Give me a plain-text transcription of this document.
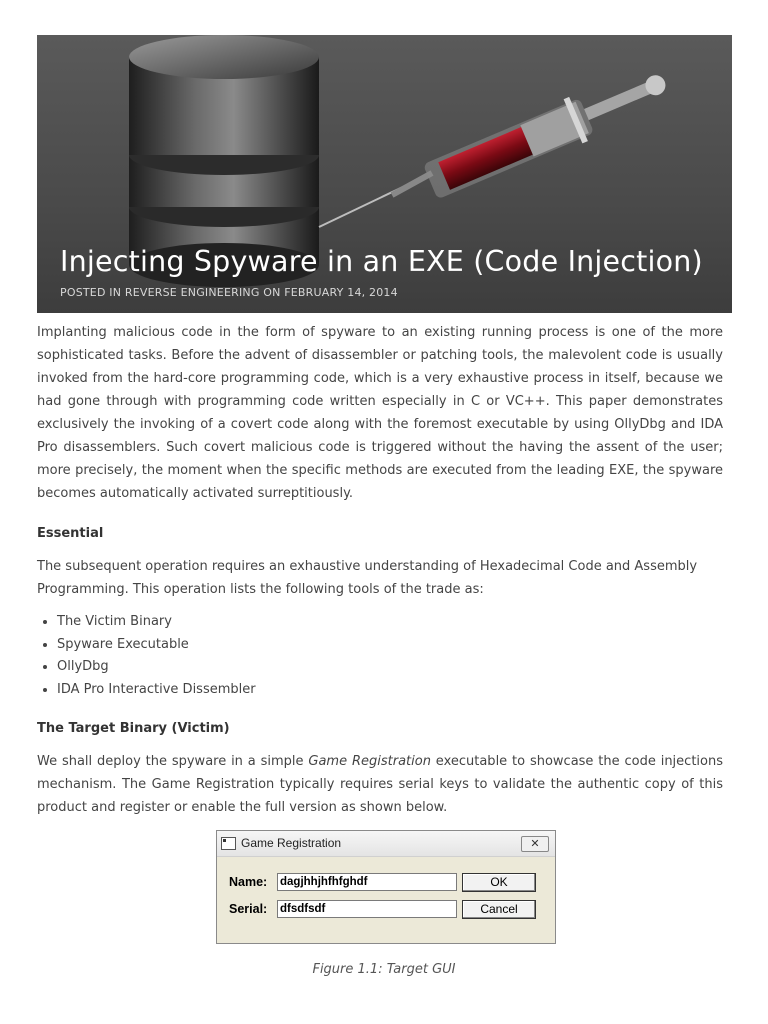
Injecting Spyware in an EXE (Code Injection)

POSTED IN REVERSE ENGINEERING ON FEBRUARY 14, 2014

Implanting malicious code in the form of spyware to an existing running process is one of the more sophisticated tasks. Before the advent of disassembler or patching tools, the malevolent code is usually invoked from the hard-core programming code, which is a very exhaustive process in itself, because we had gone through with programming code written especially in C or VC++. This paper demonstrates exclusively the invoking of a covert code along with the foremost executable by using OllyDbg and IDA Pro disassemblers. Such covert malicious code is triggered without the having the assent of the user; more precisely, the moment when the specific methods are executed from the leading EXE, the spyware becomes automatically activated surreptitiously.

Essential

The subsequent operation requires an exhaustive understanding of Hexadecimal Code and Assembly Programming. This operation lists the following tools of the trade as:

• The Victim Binary
• Spyware Executable
• OllyDbg
• IDA Pro Interactive Dissembler

The Target Binary (Victim)

We shall deploy the spyware in a simple Game Registration executable to showcase the code injections mechanism. The Game Registration typically requires serial keys to validate the authentic copy of this product and register or enable the full version as shown below.

Game Registration	✕
Name: dagjhhjhfhfghdf	OK
Serial: dfsdfsdf	Cancel
Figure 1.1: Target GUI
